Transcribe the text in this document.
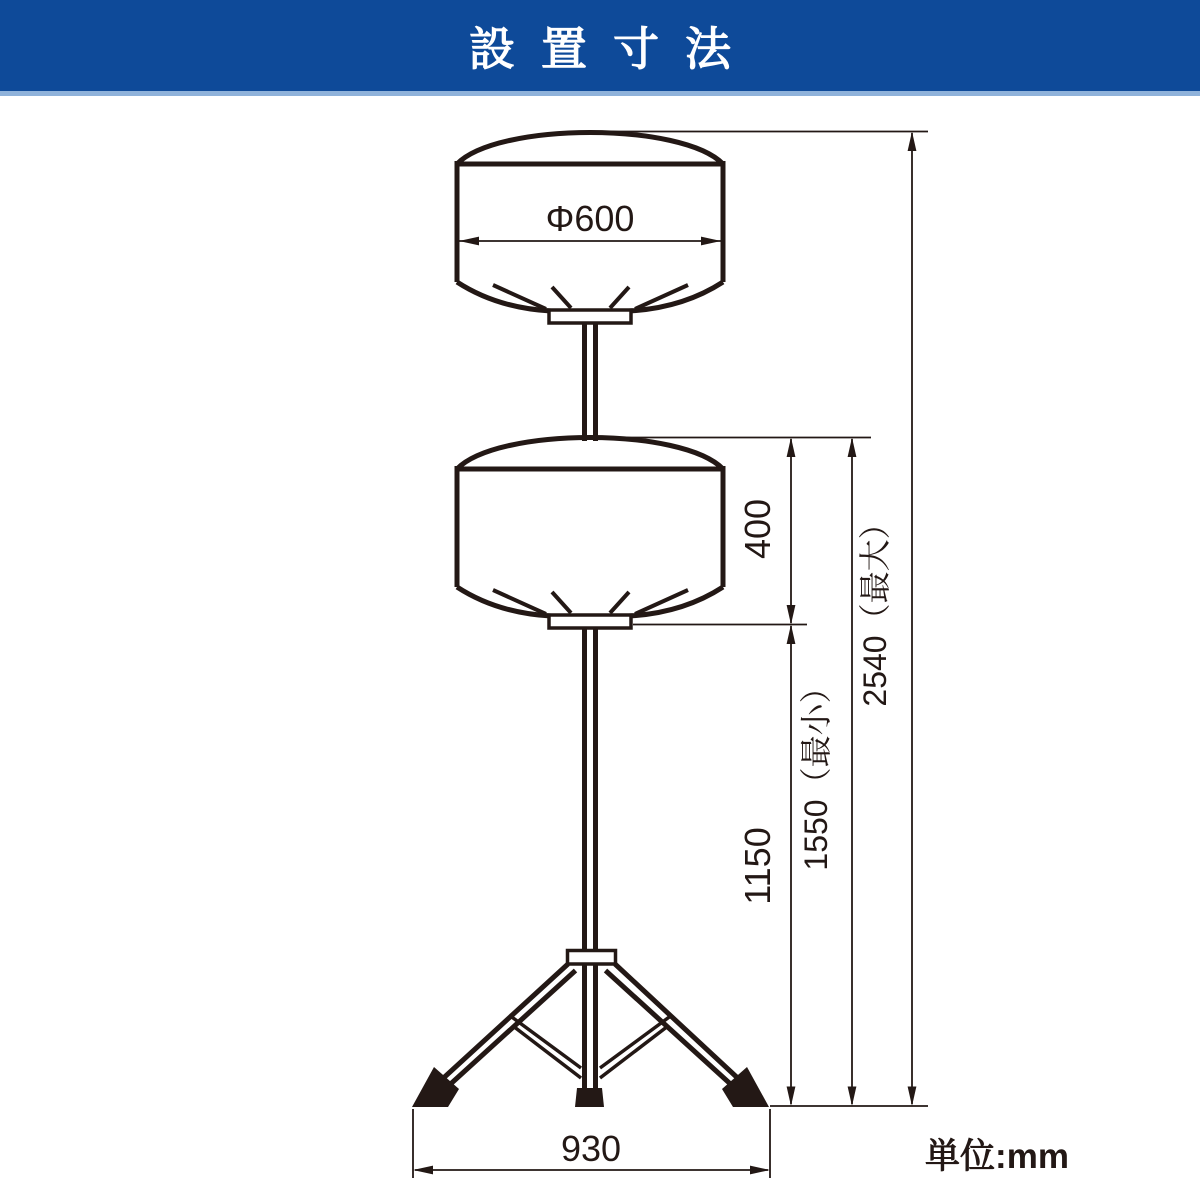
設置寸法
Φ600
400
1150 1550（最小）
2540（最大）
930	単位:mm
